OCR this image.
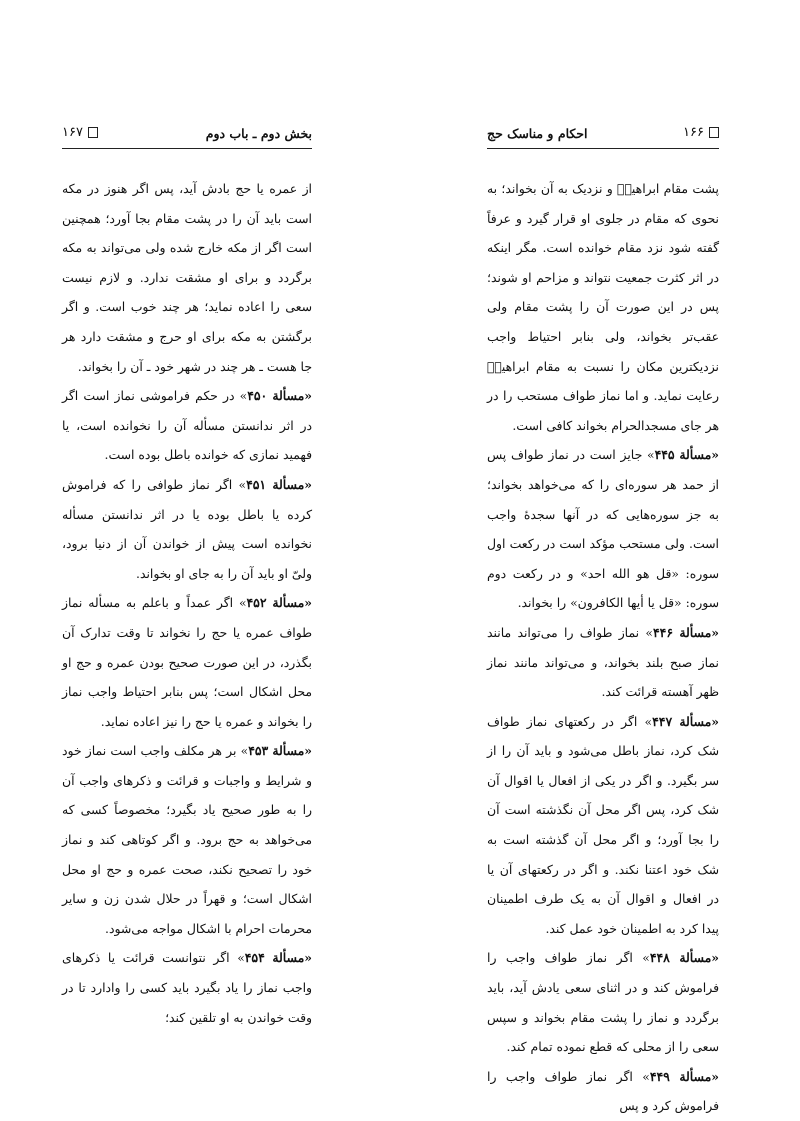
۱۶۷	بخش دوم ـ باب دوم

از عمره یا حج بادش آید، پس اگر هنوز در مکه است باید آن را در پشت مقام بجا آورد؛ همچنین است اگر از مکه خارج شده ولی می‌تواند به مکه برگردد و برای او مشقت ندارد. و لازم نیست سعی را اعاده نماید؛ هر چند خوب است. و اگر برگشتن به مکه برای او حرج و مشقت دارد هر جا هست ـ هر چند در شهر خود ـ آن را بخواند.

«مسألة ۴۵۰» در حکم فراموشی نماز است اگر در اثر ندانستن مسأله آن را نخوانده است، یا فهمید نمازی که خوانده باطل بوده است.

«مسألة ۴۵۱» اگر نماز طوافی را که فراموش کرده یا باطل بوده یا در اثر ندانستن مسأله نخوانده است پیش از خواندن آن از دنیا برود، ولیّ او باید آن را به جای او بخواند.

«مسألة ۴۵۲» اگر عمداً و باعلم به مسأله نماز طواف عمره یا حج را نخواند تا وقت تدارک آن بگذرد، در این صورت صحیح بودن عمره و حج او محل اشکال است؛ پس بنابر احتیاط واجب نماز را بخواند و عمره یا حج را نیز اعاده نماید.

«مسألة ۴۵۳» بر هر مکلف واجب است نماز خود و شرایط و واجبات و قرائت و ذکرهای واجب آن را به طور صحیح یاد بگیرد؛ مخصوصاً کسی که می‌خواهد به حج برود. و اگر کوتاهی کند و نماز خود را تصحیح نکند، صحت عمره و حج او محل اشکال است؛ و قهراً در حلال شدن زن و سایر محرمات احرام با اشکال مواجه می‌شود.

«مسألة ۴۵۴» اگر نتوانست قرائت یا ذکرهای واجب نماز را یاد بگیرد باید کسی را وادارد تا در وقت خواندن به او تلقین کند؛

احکام و مناسک حج	۱۶۶

پشت مقام ابراهیمؑ و نزدیک به آن بخواند؛ به نحوی که مقام در جلوی او قرار گیرد و عرفاً گفته شود نزد مقام خوانده است. مگر اینکه در اثر کثرت جمعیت نتواند و مزاحم او شوند؛ پس در این صورت آن را پشت مقام ولی عقب‌تر بخواند، ولی بنابر احتیاط واجب نزدیکترین مکان را نسبت به مقام ابراهیمؑ رعایت نماید. و اما نماز طواف مستحب را در هر جای مسجدالحرام بخواند کافی است.

«مسألة ۴۴۵» جایز است در نماز طواف پس از حمد هر سوره‌ای را که می‌خواهد بخواند؛ به جز سوره‌هایی که در آنها سجدهٔ واجب است. ولی مستحب مؤکد است در رکعت اول سوره: «قل هو الله احد» و در رکعت دوم سوره: «قل یا أیها الکافرون» را بخواند.

«مسألة ۴۴۶» نماز طواف را می‌تواند مانند نماز صبح بلند بخواند، و می‌تواند مانند نماز ظهر آهسته قرائت کند.

«مسألة ۴۴۷» اگر در رکعتهای نماز طواف شک کرد، نماز باطل می‌شود و باید آن را از سر بگیرد. و اگر در یکی از افعال یا اقوال آن شک کرد، پس اگر محل آن نگذشته است آن را بجا آورد؛ و اگر محل آن گذشته است به شک خود اعتنا نکند. و اگر در رکعتهای آن یا در افعال و اقوال آن به یک طرف اطمینان پیدا کرد به اطمینان خود عمل کند.

«مسألة ۴۴۸» اگر نماز طواف واجب را فراموش کند و در اثنای سعی یادش آید، باید برگردد و نماز را پشت مقام بخواند و سپس سعی را از محلی که قطع نموده تمام کند.

«مسألة ۴۴۹» اگر نماز طواف واجب را فراموش کرد و پس
